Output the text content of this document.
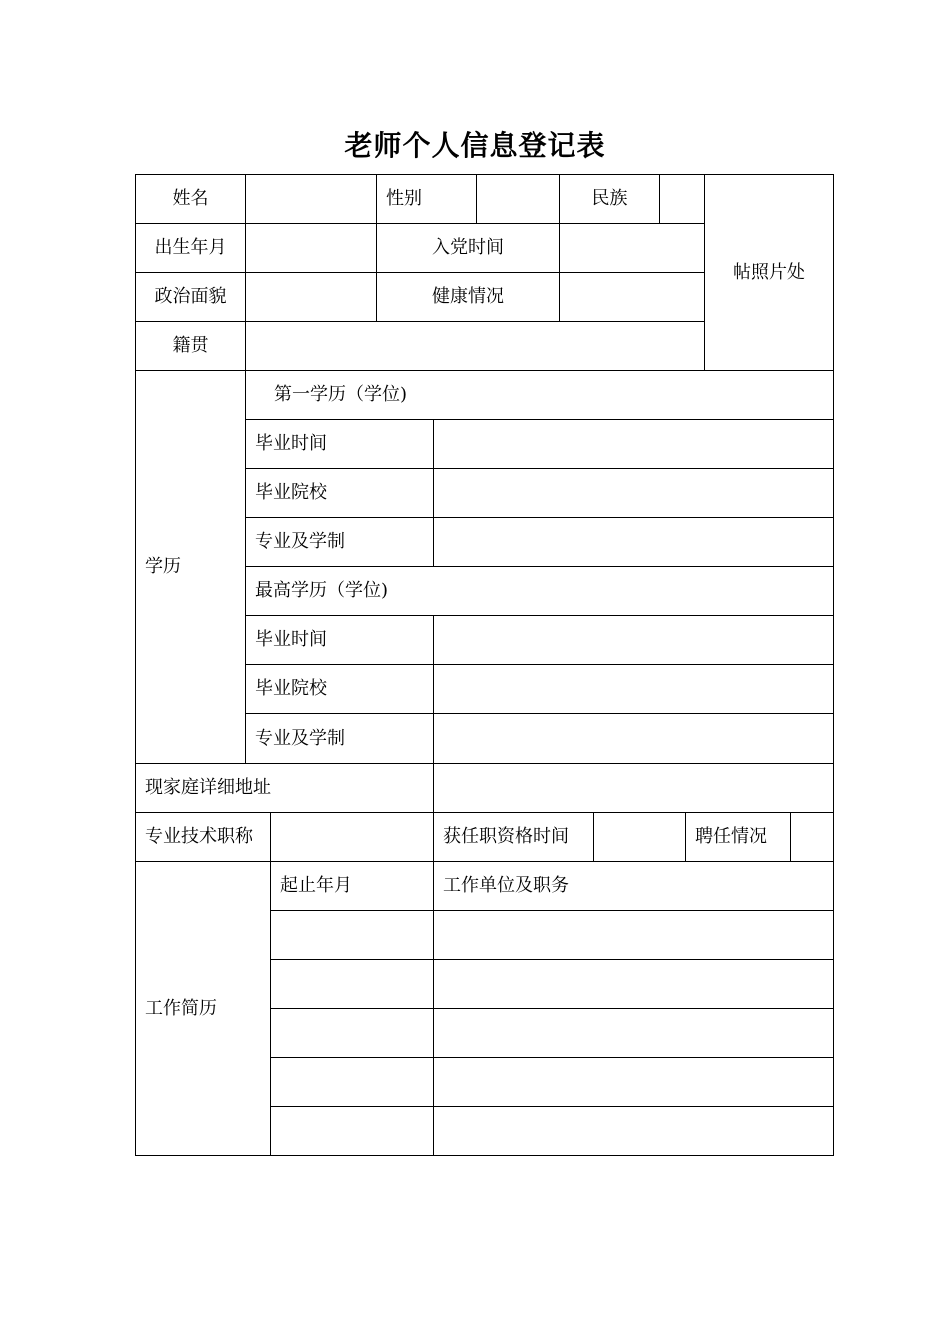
老师个人信息登记表
姓名	性别	民族
帖照片处
出生年月	入党时间
政治面貌	健康情况
籍贯
学历
第一学历（学位)
毕业时间
毕业院校
专业及学制
最高学历（学位)
毕业时间
毕业院校
专业及学制
现家庭详细地址
专业技术职称	获任职资格时间	聘任情况
工作简历
起止年月	工作单位及职务
